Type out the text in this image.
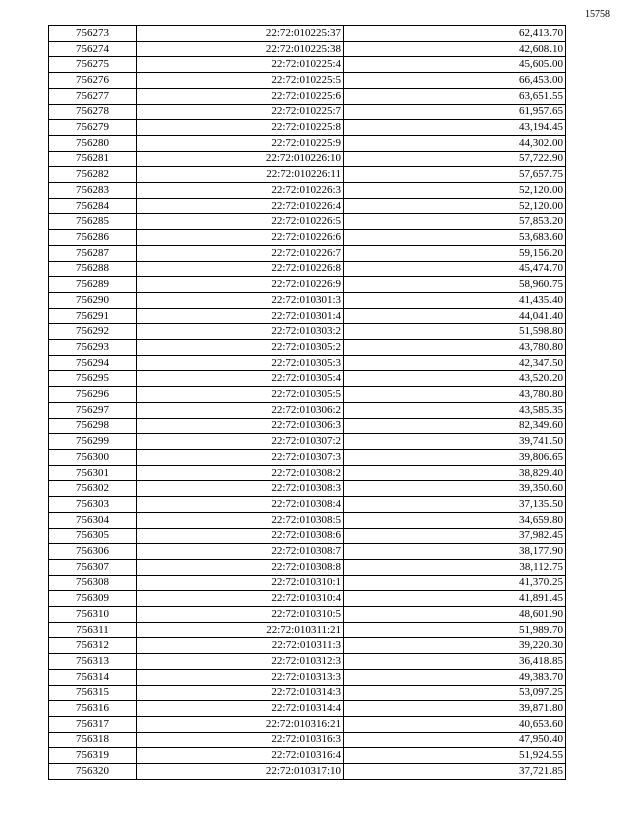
15758
756273	22:72:010225:37	62,413.70
756274	22:72:010225:38	42,608.10
756275	22:72:010225:4	45,605.00
756276	22:72:010225:5	66,453.00
756277	22:72:010225:6	63,651.55
756278	22:72:010225:7	61,957.65
756279	22:72:010225:8	43,194.45
756280	22:72:010225:9	44,302.00
756281	22:72:010226:10	57,722.90
756282	22:72:010226:11	57,657.75
756283	22:72:010226:3	52,120.00
756284	22:72:010226:4	52,120.00
756285	22:72:010226:5	57,853.20
756286	22:72:010226:6	53,683.60
756287	22:72:010226:7	59,156.20
756288	22:72:010226:8	45,474.70
756289	22:72:010226:9	58,960.75
756290	22:72:010301:3	41,435.40
756291	22:72:010301:4	44,041.40
756292	22:72:010303:2	51,598.80
756293	22:72:010305:2	43,780.80
756294	22:72:010305:3	42,347.50
756295	22:72:010305:4	43,520.20
756296	22:72:010305:5	43,780.80
756297	22:72:010306:2	43,585.35
756298	22:72:010306:3	82,349.60
756299	22:72:010307:2	39,741.50
756300	22:72:010307:3	39,806.65
756301	22:72:010308:2	38,829.40
756302	22:72:010308:3	39,350.60
756303	22:72:010308:4	37,135.50
756304	22:72:010308:5	34,659.80
756305	22:72:010308:6	37,982.45
756306	22:72:010308:7	38,177.90
756307	22:72:010308:8	38,112.75
756308	22:72:010310:1	41,370.25
756309	22:72:010310:4	41,891.45
756310	22:72:010310:5	48,601.90
756311	22:72:010311:21	51,989.70
756312	22:72:010311:3	39,220.30
756313	22:72:010312:3	36,418.85
756314	22:72:010313:3	49,383.70
756315	22:72:010314:3	53,097.25
756316	22:72:010314:4	39,871.80
756317	22:72:010316:21	40,653.60
756318	22:72:010316:3	47,950.40
756319	22:72:010316:4	51,924.55
756320	22:72:010317:10	37,721.85
